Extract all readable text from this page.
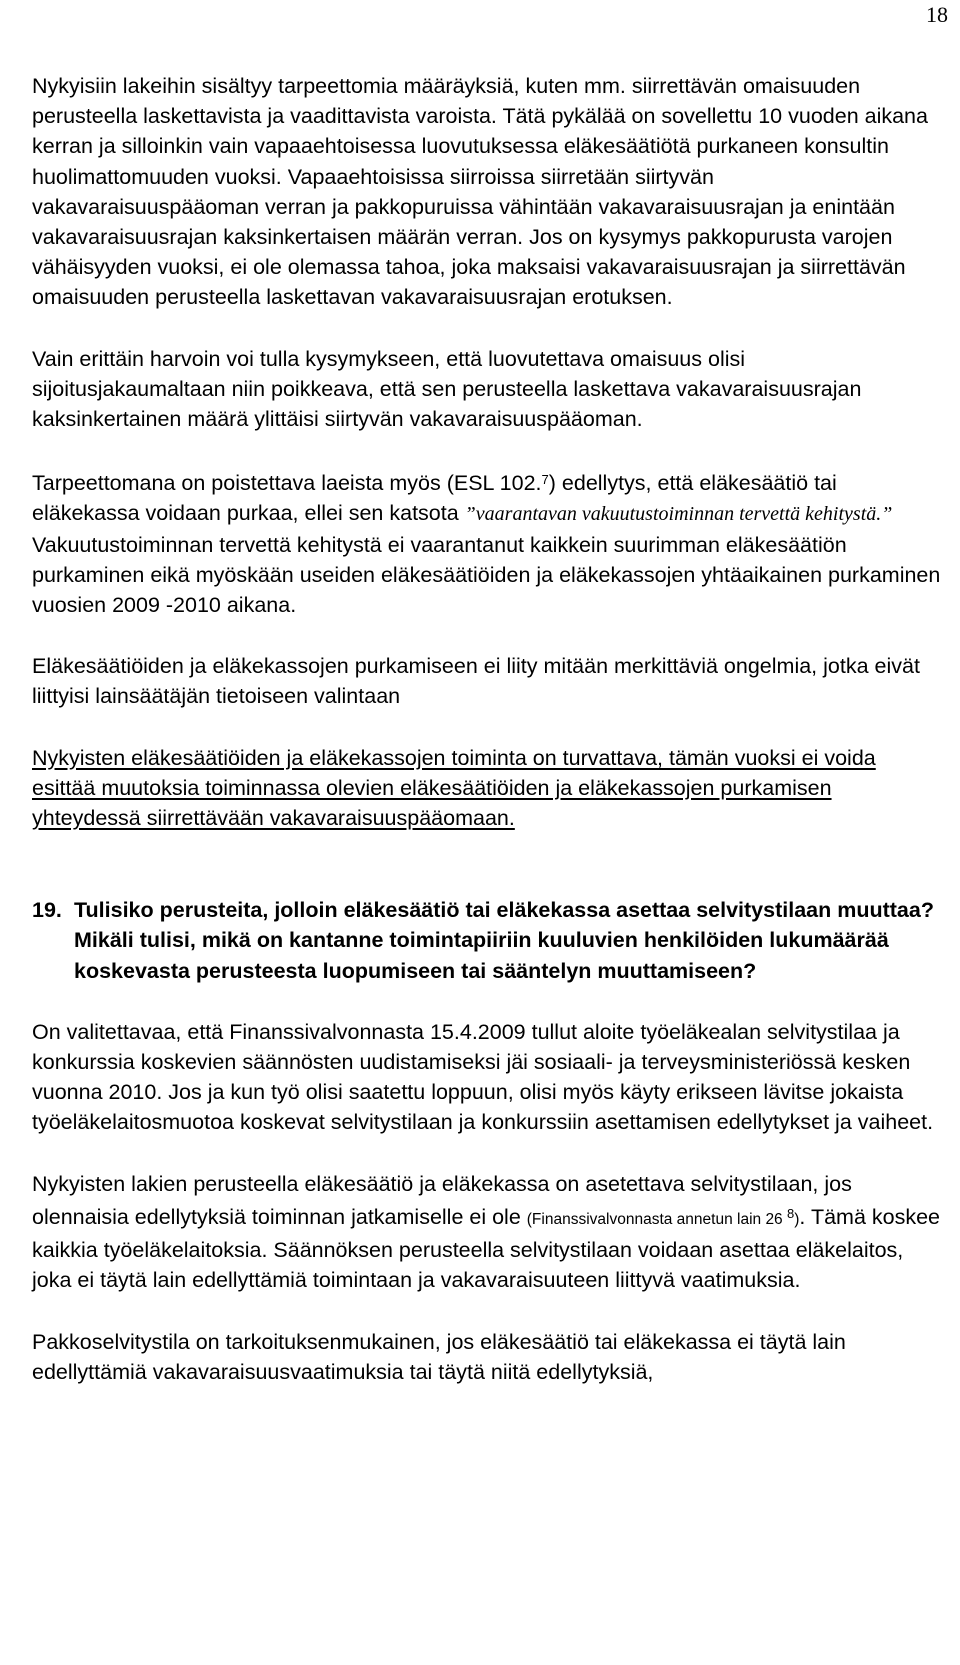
18

Nykyisiin lakeihin sisältyy tarpeettomia määräyksiä, kuten mm. siirrettävän omaisuuden perusteella laskettavista ja vaadittavista varoista. Tätä pykälää on sovellettu 10 vuoden aikana kerran ja silloinkin vain vapaaehtoisessa luovutuksessa eläkesäätiötä purkaneen konsultin huolimattomuuden vuoksi. Vapaaehtoisissa siirroissa siirretään siirtyvän vakavaraisuuspääoman verran ja pakkopuruissa vähintään vakavaraisuusrajan ja enintään vakavaraisuusrajan kaksinkertaisen määrän verran. Jos on kysymys pakkopurusta varojen vähäisyyden vuoksi, ei ole olemassa tahoa, joka maksaisi vakavaraisuusrajan ja siirrettävän omaisuuden perusteella laskettavan vakavaraisuusrajan erotuksen.

Vain erittäin harvoin voi tulla kysymykseen, että luovutettava omaisuus olisi sijoitusjakaumaltaan niin poikkeava, että sen perusteella laskettava vakavaraisuusrajan kaksinkertainen määrä ylittäisi siirtyvän vakavaraisuuspääoman.

Tarpeettomana on poistettava laeista myös (ESL 102.$^7$) edellytys, että eläkesäätiö tai eläkekassa voidaan purkaa, ellei sen katsota ”vaarantavan vakuutustoiminnan tervettä kehitystä.” Vakuutustoiminnan tervettä kehitystä ei vaarantanut kaikkein suurimman eläkesäätiön purkaminen eikä myöskään useiden eläkesäätiöiden ja eläkekassojen yhtäaikainen purkaminen vuosien 2009 -2010 aikana.

Eläkesäätiöiden ja eläkekassojen purkamiseen ei liity mitään merkittäviä ongelmia, jotka eivät liittyisi lainsäätäjän tietoiseen valintaan

Nykyisten eläkesäätiöiden ja eläkekassojen toiminta on turvattava, tämän vuoksi ei voida esittää muutoksia toiminnassa olevien eläkesäätiöiden ja eläkekassojen purkamisen yhteydessä siirrettävään vakavaraisuuspääomaan.

19. Tulisiko perusteita, jolloin eläkesäätiö tai eläkekassa asettaa selvitystilaan muuttaa? Mikäli tulisi, mikä on kantanne toimintapiiriin kuuluvien henkilöiden lukumäärää koskevasta perusteesta luopumiseen tai sääntelyn muuttamiseen?

On valitettavaa, että Finanssivalvonnasta 15.4.2009 tullut aloite työeläkealan selvitystilaa ja konkurssia koskevien säännösten uudistamiseksi jäi sosiaali- ja terveysministeriössä kesken vuonna 2010. Jos ja kun työ olisi saatettu loppuun, olisi myös käyty erikseen lävitse jokaista työeläkelaitosmuotoa koskevat selvitystilaan ja konkurssiin asettamisen edellytykset ja vaiheet.

Nykyisten lakien perusteella eläkesäätiö ja eläkekassa on asetettava selvitystilaan, jos olennaisia edellytyksiä toiminnan jatkamiselle ei ole (Finanssivalvonnasta annetun lain 26 $^8$). Tämä koskee kaikkia työeläkelaitoksia. Säännöksen perusteella selvitystilaan voidaan asettaa eläkelaitos, joka ei täytä lain edellyttämiä toimintaan ja vakavaraisuuteen liittyvä vaatimuksia.

Pakkoselvitystila on tarkoituksenmukainen, jos eläkesäätiö tai eläkekassa ei täytä lain edellyttämiä vakavaraisuusvaatimuksia tai täytä niitä edellytyksiä,
